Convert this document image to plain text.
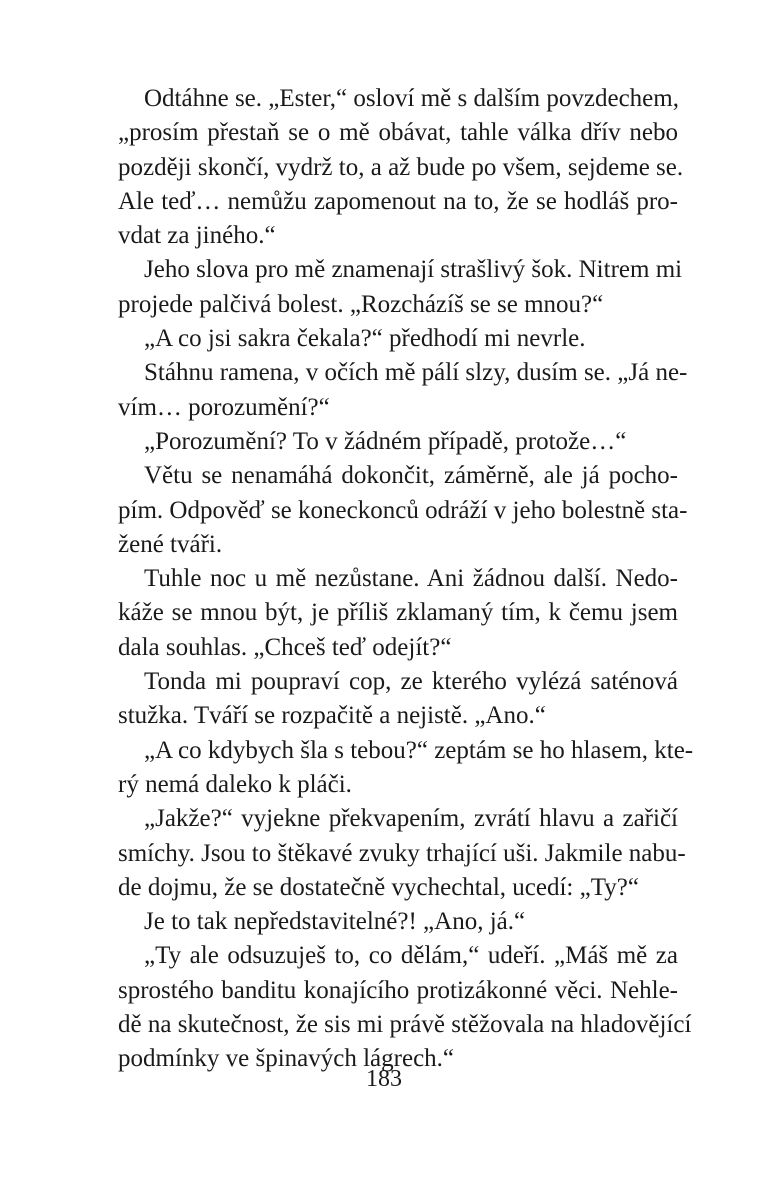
Odtáhne se. „Ester,“ osloví mě s dalším povzdechem,
„prosím přestaň se o mě obávat, tahle válka dřív nebo
později skončí, vydrž to, a až bude po všem, sejdeme se.
Ale teď… nemůžu zapomenout na to, že se hodláš pro-
vdat za jiného.“
Jeho slova pro mě znamenají strašlivý šok. Nitrem mi
projede palčivá bolest. „Rozcházíš se se mnou?“
„A co jsi sakra čekala?“ předhodí mi nevrle.
Stáhnu ramena, v očích mě pálí slzy, dusím se. „Já ne-
vím… porozumění?“
„Porozumění? To v žádném případě, protože…“
Větu se nenamáhá dokončit, záměrně, ale já pocho-
pím. Odpověď se koneckonců odráží v jeho bolestně sta-
žené tváři.
Tuhle noc u mě nezůstane. Ani žádnou další. Nedo-
káže se mnou být, je příliš zklamaný tím, k čemu jsem
dala souhlas. „Chceš teď odejít?“
Tonda mi poupraví cop, ze kterého vylézá saténová
stužka. Tváří se rozpačitě a nejistě. „Ano.“
„A co kdybych šla s tebou?“ zeptám se ho hlasem, kte-
rý nemá daleko k pláči.
„Jakže?“ vyjekne překvapením, zvrátí hlavu a zařičí
smíchy. Jsou to štěkavé zvuky trhající uši. Jakmile nabu-
de dojmu, že se dostatečně vychechtal, ucedí: „Ty?“
Je to tak nepředstavitelné?! „Ano, já.“
„Ty ale odsuzuješ to, co dělám,“ udeří. „Máš mě za
sprostého banditu konajícího protizákonné věci. Nehle-
dě na skutečnost, že sis mi právě stěžovala na hladovějící
podmínky ve špinavých lágrech.“
183
